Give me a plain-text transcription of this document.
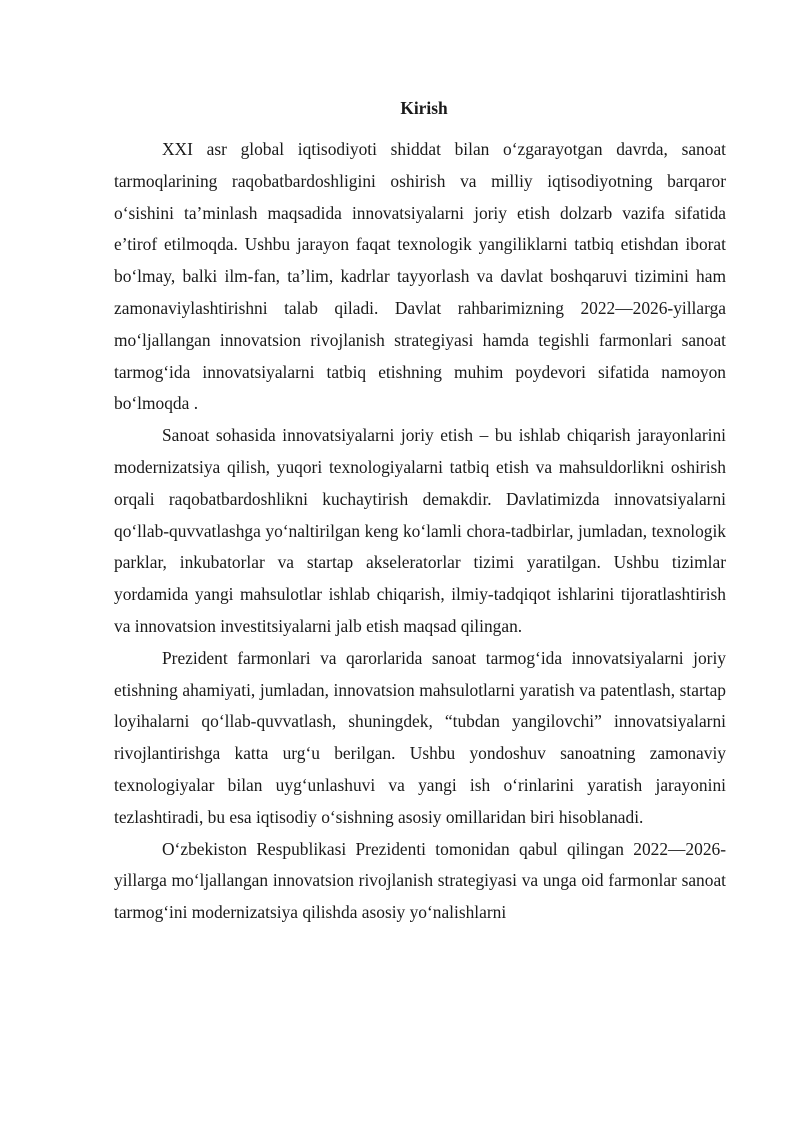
Kirish

XXI asr global iqtisodiyoti shiddat bilan o‘zgarayotgan davrda, sanoat tarmoqlarining raqobatbardoshligini oshirish va milliy iqtisodiyotning barqaror o‘sishini ta’minlash maqsadida innovatsiyalarni joriy etish dolzarb vazifa sifatida e’tirof etilmoqda. Ushbu jarayon faqat texnologik yangiliklarni tatbiq etishdan iborat bo‘lmay, balki ilm-fan, ta’lim, kadrlar tayyorlash va davlat boshqaruvi tizimini ham zamonaviylashtirishni talab qiladi. Davlat rahbarimizning 2022—2026-yillarga mo‘ljallangan innovatsion rivojlanish strategiyasi hamda tegishli farmonlari sanoat tarmog‘ida innovatsiyalarni tatbiq etishning muhim poydevori sifatida namoyon bo‘lmoqda .

Sanoat sohasida innovatsiyalarni joriy etish – bu ishlab chiqarish jarayonlarini modernizatsiya qilish, yuqori texnologiyalarni tatbiq etish va mahsuldorlikni oshirish orqali raqobatbardoshlikni kuchaytirish demakdir. Davlatimizda innovatsiyalarni qo‘llab-quvvatlashga yo‘naltirilgan keng ko‘lamli chora-tadbirlar, jumladan, texnologik parklar, inkubatorlar va startap akseleratorlar tizimi yaratilgan. Ushbu tizimlar yordamida yangi mahsulotlar ishlab chiqarish, ilmiy-tadqiqot ishlarini tijoratlashtirish va innovatsion investitsiyalarni jalb etish maqsad qilingan.

Prezident farmonlari va qarorlarida sanoat tarmog‘ida innovatsiyalarni joriy etishning ahamiyati, jumladan, innovatsion mahsulotlarni yaratish va patentlash, startap loyihalarni qo‘llab-quvvatlash, shuningdek, “tubdan yangilovchi” innovatsiyalarni rivojlantirishga katta urg‘u berilgan. Ushbu yondoshuv sanoatning zamonaviy texnologiyalar bilan uyg‘unlashuvi va yangi ish o‘rinlarini yaratish jarayonini tezlashtiradi, bu esa iqtisodiy o‘sishning asosiy omillaridan biri hisoblanadi.

O‘zbekiston Respublikasi Prezidenti tomonidan qabul qilingan 2022—2026-yillarga mo‘ljallangan innovatsion rivojlanish strategiyasi va unga oid farmonlar sanoat tarmog‘ini modernizatsiya qilishda asosiy yo‘nalishlarni
